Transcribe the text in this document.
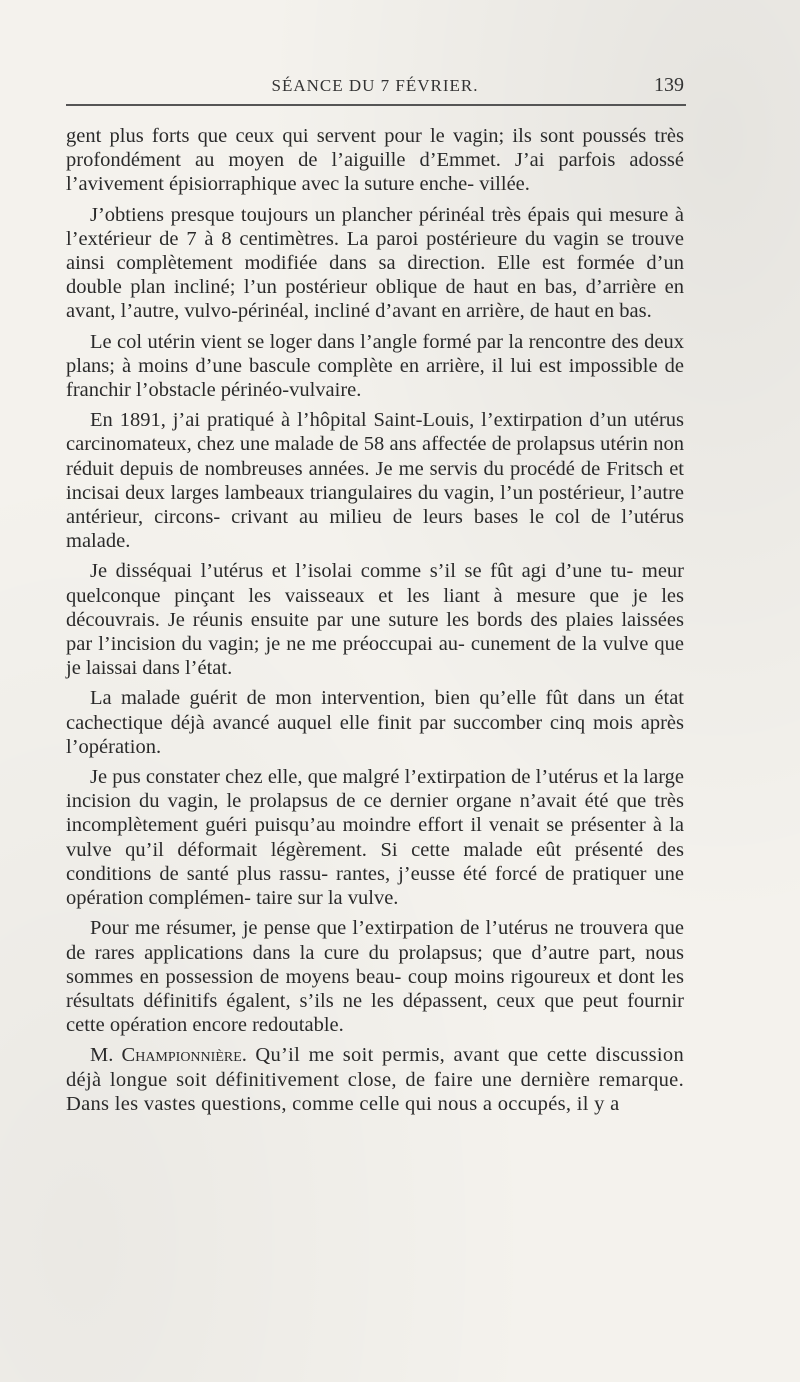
SÉANCE DU 7 FÉVRIER.	139

gent plus forts que ceux qui servent pour le vagin; ils sont poussés très profondément au moyen de l’aiguille d’Emmet. J’ai parfois adossé l’avivement épisiorraphique avec la suture enche- villée.

J’obtiens presque toujours un plancher périnéal très épais qui mesure à l’extérieur de 7 à 8 centimètres. La paroi postérieure du vagin se trouve ainsi complètement modifiée dans sa direction. Elle est formée d’un double plan incliné; l’un postérieur oblique de haut en bas, d’arrière en avant, l’autre, vulvo-périnéal, incliné d’avant en arrière, de haut en bas.

Le col utérin vient se loger dans l’angle formé par la rencontre des deux plans; à moins d’une bascule complète en arrière, il lui est impossible de franchir l’obstacle périnéo-vulvaire.

En 1891, j’ai pratiqué à l’hôpital Saint-Louis, l’extirpation d’un utérus carcinomateux, chez une malade de 58 ans affectée de prolapsus utérin non réduit depuis de nombreuses années. Je me servis du procédé de Fritsch et incisai deux larges lambeaux triangulaires du vagin, l’un postérieur, l’autre antérieur, circons- crivant au milieu de leurs bases le col de l’utérus malade.

Je disséquai l’utérus et l’isolai comme s’il se fût agi d’une tu- meur quelconque pinçant les vaisseaux et les liant à mesure que je les découvrais. Je réunis ensuite par une suture les bords des plaies laissées par l’incision du vagin; je ne me préoccupai au- cunement de la vulve que je laissai dans l’état.

La malade guérit de mon intervention, bien qu’elle fût dans un état cachectique déjà avancé auquel elle finit par succomber cinq mois après l’opération.

Je pus constater chez elle, que malgré l’extirpation de l’utérus et la large incision du vagin, le prolapsus de ce dernier organe n’avait été que très incomplètement guéri puisqu’au moindre effort il venait se présenter à la vulve qu’il déformait légèrement. Si cette malade eût présenté des conditions de santé plus rassu- rantes, j’eusse été forcé de pratiquer une opération complémen- taire sur la vulve.

Pour me résumer, je pense que l’extirpation de l’utérus ne trouvera que de rares applications dans la cure du prolapsus; que d’autre part, nous sommes en possession de moyens beau- coup moins rigoureux et dont les résultats définitifs égalent, s’ils ne les dépassent, ceux que peut fournir cette opération encore redoutable.

M. Championnière. Qu’il me soit permis, avant que cette discussion déjà longue soit définitivement close, de faire une dernière remarque. Dans les vastes questions, comme celle qui nous a occupés, il y a
